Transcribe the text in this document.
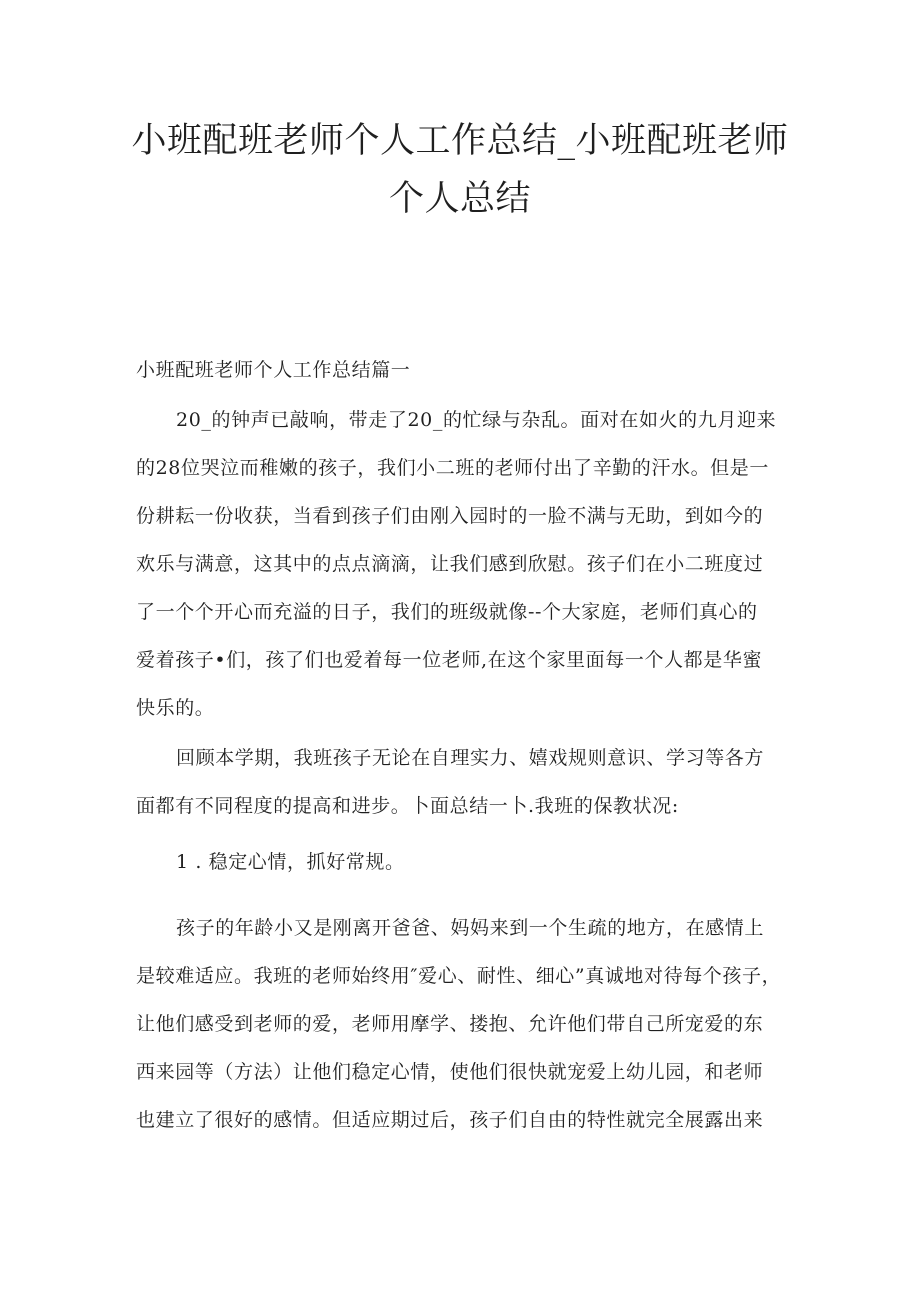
小班配班老师个人工作总结_小班配班老师
个人总结
小班配班老师个人工作总结篇一
20_的钟声已敲响，带走了20_的忙绿与杂乱。面对在如火的九月迎来
的28位哭泣而稚嫩的孩子，我们小二班的老师付出了辛勤的汗水。但是一
份耕耘一份收获，当看到孩子们由刚入园时的一脸不满与无助，到如今的
欢乐与满意，这其中的点点滴滴，让我们感到欣慰。孩子们在小二班度过
了一个个开心而充溢的日子，我们的班级就像--个大家庭，老师们真心的
爱着孩子•们，孩了们也爱着每一位老师,在这个家里面每一个人都是华蜜
快乐的。
回顾本学期，我班孩子无论在自理实力、嬉戏规则意识、学习等各方
面都有不同程度的提高和进步。卜面总结一卜.我班的保教状况:
1 . 稳定心情，抓好常规。
孩子的年龄小又是刚离开爸爸、妈妈来到一个生疏的地方，在感情上
是较难适应。我班的老师始终用″爱心、耐性、细心”真诚地对待每个孩子，
让他们感受到老师的爱，老师用摩学、搂抱、允许他们带自己所宠爱的东
西来园等（方法）让他们稳定心情，使他们很快就宠爱上幼儿园，和老师
也建立了很好的感情。但适应期过后，孩子们自由的特性就完全展露出来
